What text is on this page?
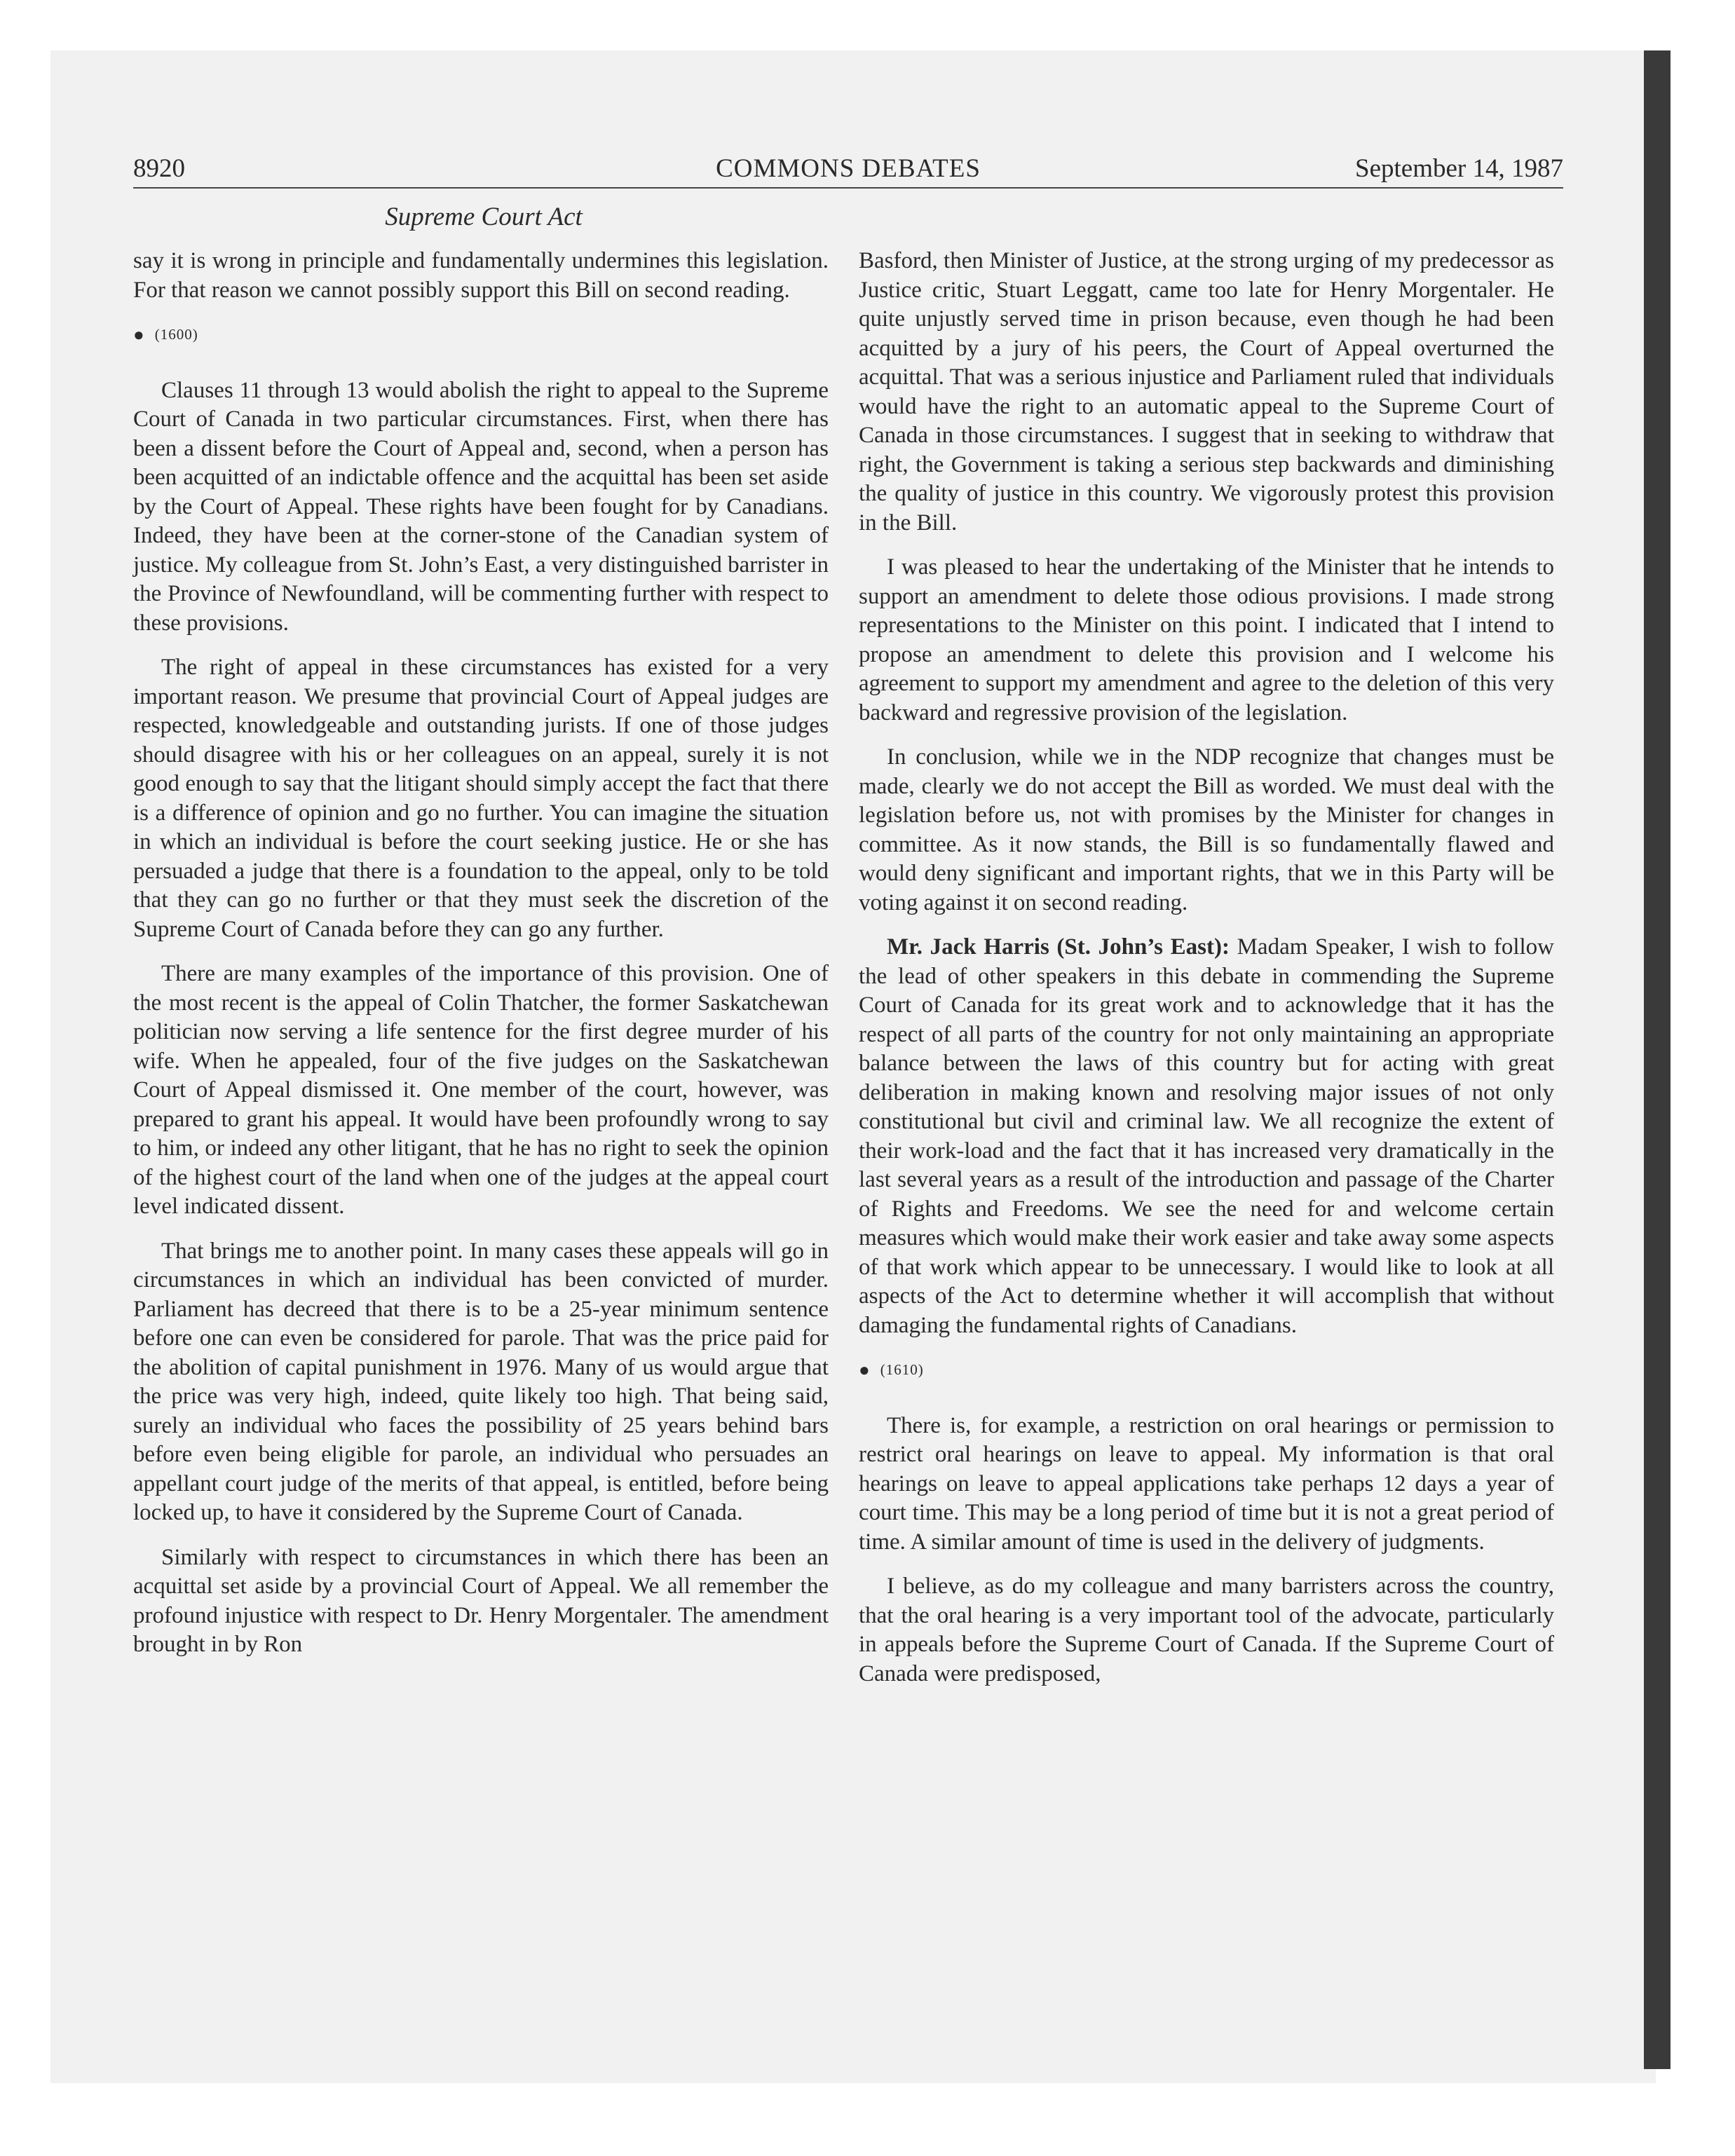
8920	COMMONS DEBATES	September 14, 1987
Supreme Court Act

say it is wrong in principle and fundamentally undermines this legislation. For that reason we cannot possibly support this Bill on second reading.

● (1600)

Clauses 11 through 13 would abolish the right to appeal to the Supreme Court of Canada in two particular circumstances. First, when there has been a dissent before the Court of Appeal and, second, when a person has been acquitted of an indictable offence and the acquittal has been set aside by the Court of Appeal. These rights have been fought for by Canadians. Indeed, they have been at the corner-stone of the Canadian system of justice. My colleague from St. John’s East, a very distinguished barrister in the Province of Newfoundland, will be commenting further with respect to these provisions.

The right of appeal in these circumstances has existed for a very important reason. We presume that provincial Court of Appeal judges are respected, knowledgeable and outstanding jurists. If one of those judges should disagree with his or her colleagues on an appeal, surely it is not good enough to say that the litigant should simply accept the fact that there is a difference of opinion and go no further. You can imagine the situation in which an individual is before the court seeking justice. He or she has persuaded a judge that there is a foundation to the appeal, only to be told that they can go no further or that they must seek the discretion of the Supreme Court of Canada before they can go any further.

There are many examples of the importance of this provision. One of the most recent is the appeal of Colin Thatcher, the former Saskatchewan politician now serving a life sentence for the first degree murder of his wife. When he appealed, four of the five judges on the Saskatchewan Court of Appeal dismissed it. One member of the court, however, was prepared to grant his appeal. It would have been profoundly wrong to say to him, or indeed any other litigant, that he has no right to seek the opinion of the highest court of the land when one of the judges at the appeal court level indicated dissent.

That brings me to another point. In many cases these appeals will go in circumstances in which an individual has been convicted of murder. Parliament has decreed that there is to be a 25-year minimum sentence before one can even be considered for parole. That was the price paid for the abolition of capital punishment in 1976. Many of us would argue that the price was very high, indeed, quite likely too high. That being said, surely an individual who faces the possibility of 25 years behind bars before even being eligible for parole, an individual who persuades an appellant court judge of the merits of that appeal, is entitled, before being locked up, to have it considered by the Supreme Court of Canada.

Similarly with respect to circumstances in which there has been an acquittal set aside by a provincial Court of Appeal. We all remember the profound injustice with respect to Dr. Henry Morgentaler. The amendment brought in by Ron

Basford, then Minister of Justice, at the strong urging of my predecessor as Justice critic, Stuart Leggatt, came too late for Henry Morgentaler. He quite unjustly served time in prison because, even though he had been acquitted by a jury of his peers, the Court of Appeal overturned the acquittal. That was a serious injustice and Parliament ruled that individuals would have the right to an automatic appeal to the Supreme Court of Canada in those circumstances. I suggest that in seeking to withdraw that right, the Government is taking a serious step backwards and diminishing the quality of justice in this country. We vigorously protest this provision in the Bill.

I was pleased to hear the undertaking of the Minister that he intends to support an amendment to delete those odious provisions. I made strong representations to the Minister on this point. I indicated that I intend to propose an amendment to delete this provision and I welcome his agreement to support my amendment and agree to the deletion of this very backward and regressive provision of the legislation.

In conclusion, while we in the NDP recognize that changes must be made, clearly we do not accept the Bill as worded. We must deal with the legislation before us, not with promises by the Minister for changes in committee. As it now stands, the Bill is so fundamentally flawed and would deny significant and important rights, that we in this Party will be voting against it on second reading.

Mr. Jack Harris (St. John’s East): Madam Speaker, I wish to follow the lead of other speakers in this debate in commending the Supreme Court of Canada for its great work and to acknowledge that it has the respect of all parts of the country for not only maintaining an appropriate balance between the laws of this country but for acting with great deliberation in making known and resolving major issues of not only constitutional but civil and criminal law. We all recognize the extent of their work-load and the fact that it has increased very dramatically in the last several years as a result of the introduction and passage of the Charter of Rights and Freedoms. We see the need for and welcome certain measures which would make their work easier and take away some aspects of that work which appear to be unnecessary. I would like to look at all aspects of the Act to determine whether it will accomplish that without damaging the fundamental rights of Canadians.

● (1610)

There is, for example, a restriction on oral hearings or permission to restrict oral hearings on leave to appeal. My information is that oral hearings on leave to appeal applications take perhaps 12 days a year of court time. This may be a long period of time but it is not a great period of time. A similar amount of time is used in the delivery of judgments.

I believe, as do my colleague and many barristers across the country, that the oral hearing is a very important tool of the advocate, particularly in appeals before the Supreme Court of Canada. If the Supreme Court of Canada were predisposed,
